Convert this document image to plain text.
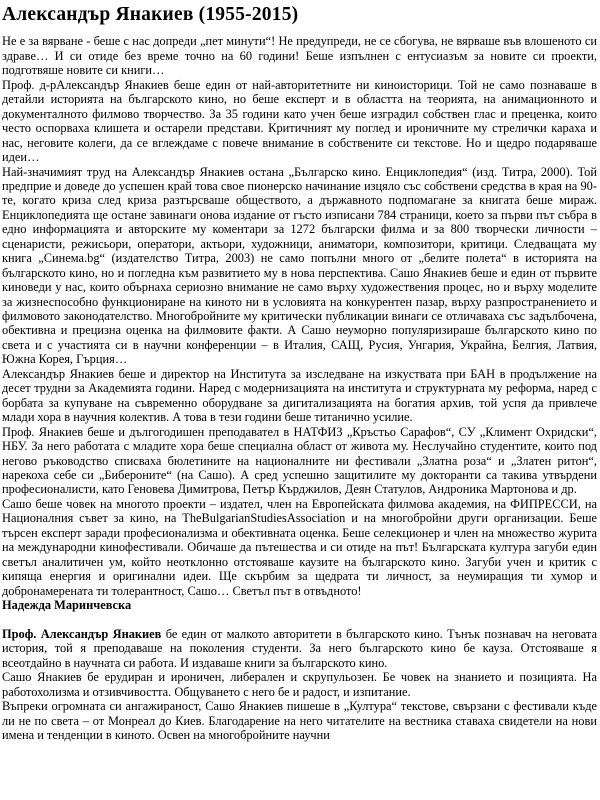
Александър Янакиев (1955-2015)

Не е за вярване - беше с нас допреди „пет минути“! Не предупреди, не се сбогува, не вярваше във влошеното си здраве… И си отиде без време точно на 60 години! Беше изпълнен с ентусиазъм за новите си проекти, подготвяше новите си книги…

Проф. д-рАлександър Янакиев беше един от най-авторитетните ни киноисторици. Той не само познаваше в детайли историята на българското кино, но беше експерт и в областта на теорията, на анимационното и документалното филмово творчество. За 35 години като учен беше изградил собствен глас и преценка, които често оспорваха клишета и остарели представи. Критичният му поглед и ироничните му стрелички караха и нас, неговите колеги, да се вглеждаме с повече внимание в собствените си текстове. Но и щедро подаряваше идеи…

Най-значимият труд на Александър Янакиев остана „Българско кино. Енциклопедия“ (изд. Титра, 2000). Той предприе и доведе до успешен край това свое пионерско начинание изцяло със собствени средства в края на 90-те, когато криза след криза разтърсваше обществото, а държавното подпомагане за книгата беше мираж. Енциклопедията ще остане завинаги онова издание от гъсто изписани 784 страници, което за първи път събра в едно информацията и авторските му коментари за 1272 български филма и за 800 творчески личности – сценаристи, режисьори, оператори, актьори, художници, аниматори, композитори, критици. Следващата му книга „Синема.bg“ (издателство Титра, 2003) не само попълни много от „белите полета“ в историята на българското кино, но и погледна към развитието му в нова перспектива. Сашо Янакиев беше и един от първите киноведи у нас, които обърнаха сериозно внимание не само върху художествения процес, но и върху моделите за жизнеспособно функциониране на киното ни в условията на конкурентен пазар, върху разпространението и филмовото законодателство. Многобройните му критически публикации винаги се отличаваха със задълбочена, обективна и прецизна оценка на филмовите факти. А Сашо неуморно популяризираше българското кино по света и с участията си в научни конференции – в Италия, САЩ, Русия, Унгария, Украйна, Белгия, Латвия, Южна Корея, Гърция…

Александър Янакиев беше и директор на Института за изследване на изкуствата при БАН в продължение на десет трудни за Академията години. Наред с модернизацията на института и структурната му реформа, наред с борбата за купуване на съвременно оборудване за дигитализацията на богатия архив, той успя да привлече млади хора в научния колектив. А това в тези години беше титанично усилие.

Проф. Янакиев беше и дългогодишен преподавател в НАТФИЗ „Кръстьо Сарафов“, СУ „Климент Охридски“, НБУ. За него работата с младите хора беше специална област от живота му. Неслучайно студентите, които под негово ръководство списваха бюлетините на националните ни фестивали „Златна роза“ и „Златен ритон“, нарекоха себе си „Бибероните“ (на Сашо). А сред успешно защитилите му докторанти са такива утвърдени професионалисти, като Геновева Димитрова, Петър Кърджилов, Деян Статулов, Андроника Мартонова и др.

Сашо беше човек на многото проекти – издател, член на Европейската филмова академия, на ФИПРЕССИ, на Националния съвет за кино, на TheBulgarianStudiesAssociation и на многобройни други организации. Беше търсен експерт заради професионализма и обективната оценка. Беше селекционер и член на множество журита на международни кинофестивали. Обичаше да пътешества и си отиде на път! Българската култура загуби един светъл аналитичен ум, който неотклонно отстояваше каузите на българското кино. Загуби учен и критик с кипяща енергия и оригинални идеи. Ще скърбим за щедрата ти личност, за неумиращия ти хумор и добронамерената ти толерантност, Сашо… Светъл път в отвъдното!

Надежда Маринчевска

Проф. Александър Янакиев бе един от малкото авторитети в българското кино. Тънък познавач на неговата история, той я преподаваше на поколения студенти. За него българското кино бе кауза. Отстояваше я всеотдайно в научната си работа. И издаваше книги за българското кино.

Сашо Янакиев бе ерудиран и ироничен, либерален и скрупульозен. Бе човек на знанието и позицията. На работохолизма и отзивчивостта. Общуването с него бе и радост, и изпитание.

Въпреки огромната си ангажираност, Сашо Янакиев пишеше в „Култура“ текстове, свързани с фестивали къде ли не по света – от Монреал до Киев. Благодарение на него читателите на вестника ставаха свидетели на нови имена и тенденции в киното. Освен на многобройните научни
